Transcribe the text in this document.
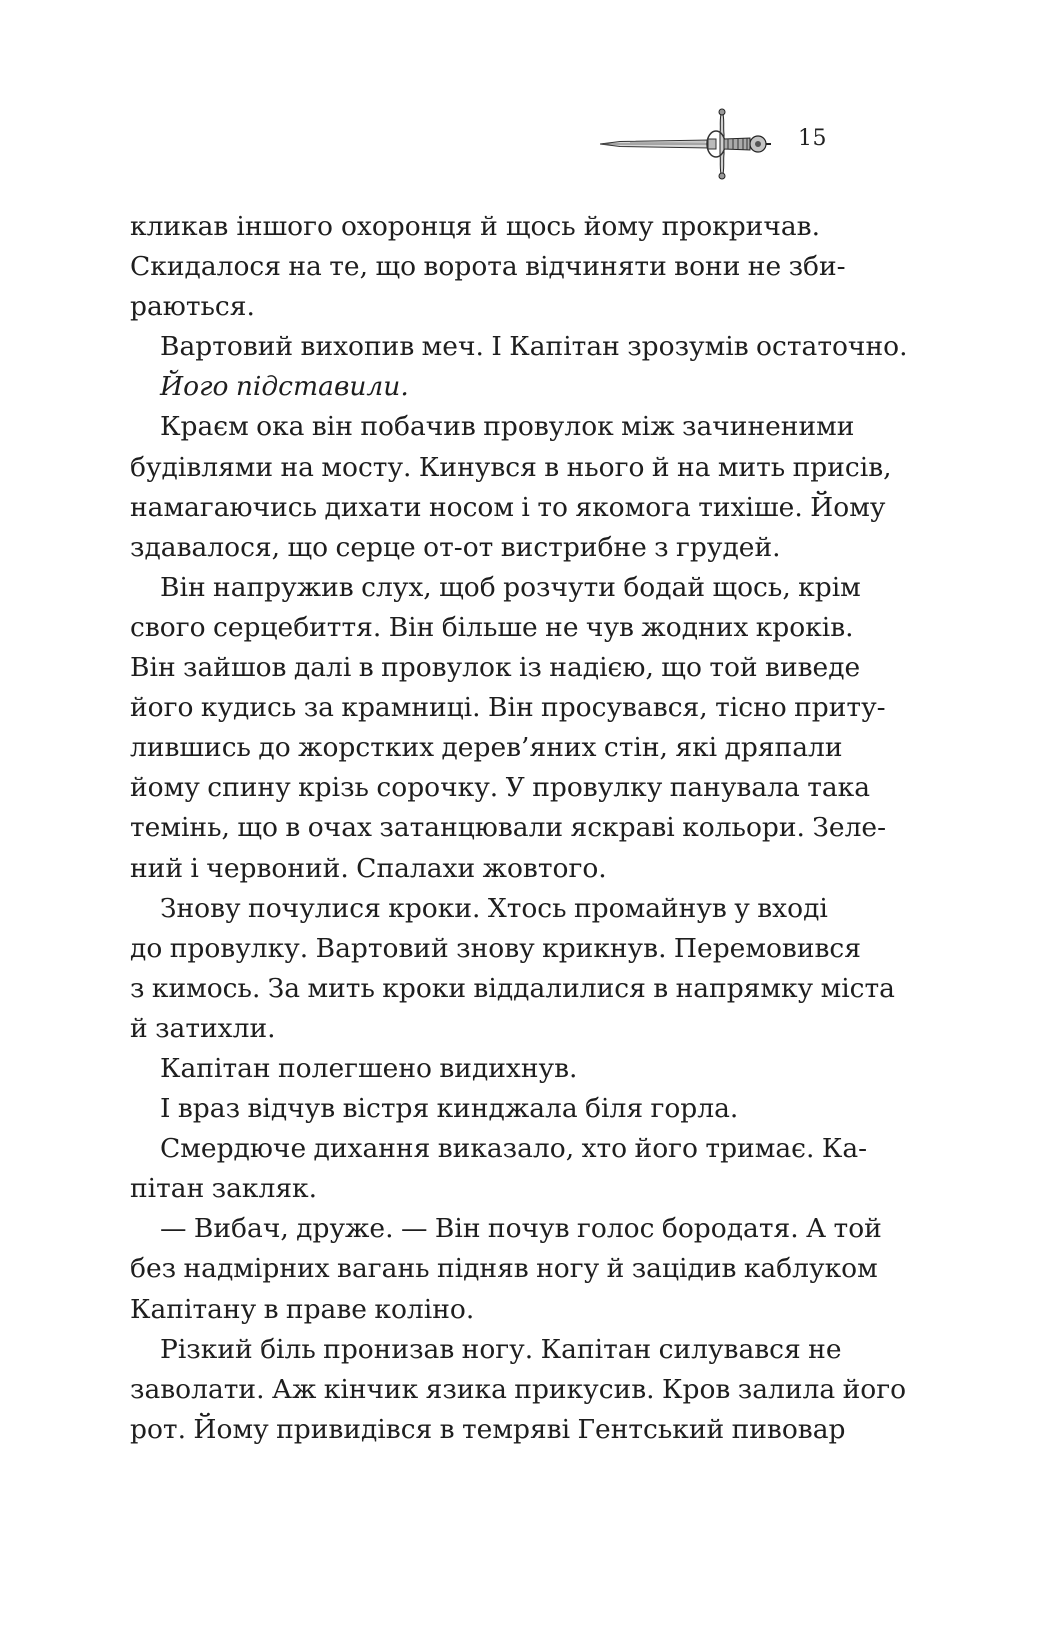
15
кликав іншого охоронця й щось йому прокричав.
Скидалося на те, що ворота відчиняти вони не зби-
раються.
Вартовий вихопив меч. І Капітан зрозумів остаточно.
Його підставили.
Краєм ока він побачив провулок між зачиненими
будівлями на мосту. Кинувся в нього й на мить присів,
намагаючись дихати носом і то якомога тихіше. Йому
здавалося, що серце от-от вистрибне з грудей.
Він напружив слух, щоб розчути бодай щось, крім
свого серцебиття. Він більше не чув жодних кроків.
Він зайшов далі в провулок із надією, що той виведе
його кудись за крамниці. Він просувався, тісно приту-
лившись до жорстких дерев’яних стін, які дряпали
йому спину крізь сорочку. У провулку панувала така
темінь, що в очах затанцювали яскраві кольори. Зеле-
ний і червоний. Спалахи жовтого.
Знову почулися кроки. Хтось промайнув у вході
до провулку. Вартовий знову крикнув. Перемовився
з кимось. За мить кроки віддалилися в напрямку міста
й затихли.
Капітан полегшено видихнув.
І враз відчув вістря кинджала біля горла.
Смердюче дихання виказало, хто його тримає. Ка-
пітан закляк.
— Вибач, друже. — Він почув голос бородатя. А той
без надмірних вагань підняв ногу й зацідив каблуком
Капітану в праве коліно.
Різкий біль пронизав ногу. Капітан силувався не
заволати. Аж кінчик язика прикусив. Кров залила його
рот. Йому привидівся в темряві Гентський пивовар
